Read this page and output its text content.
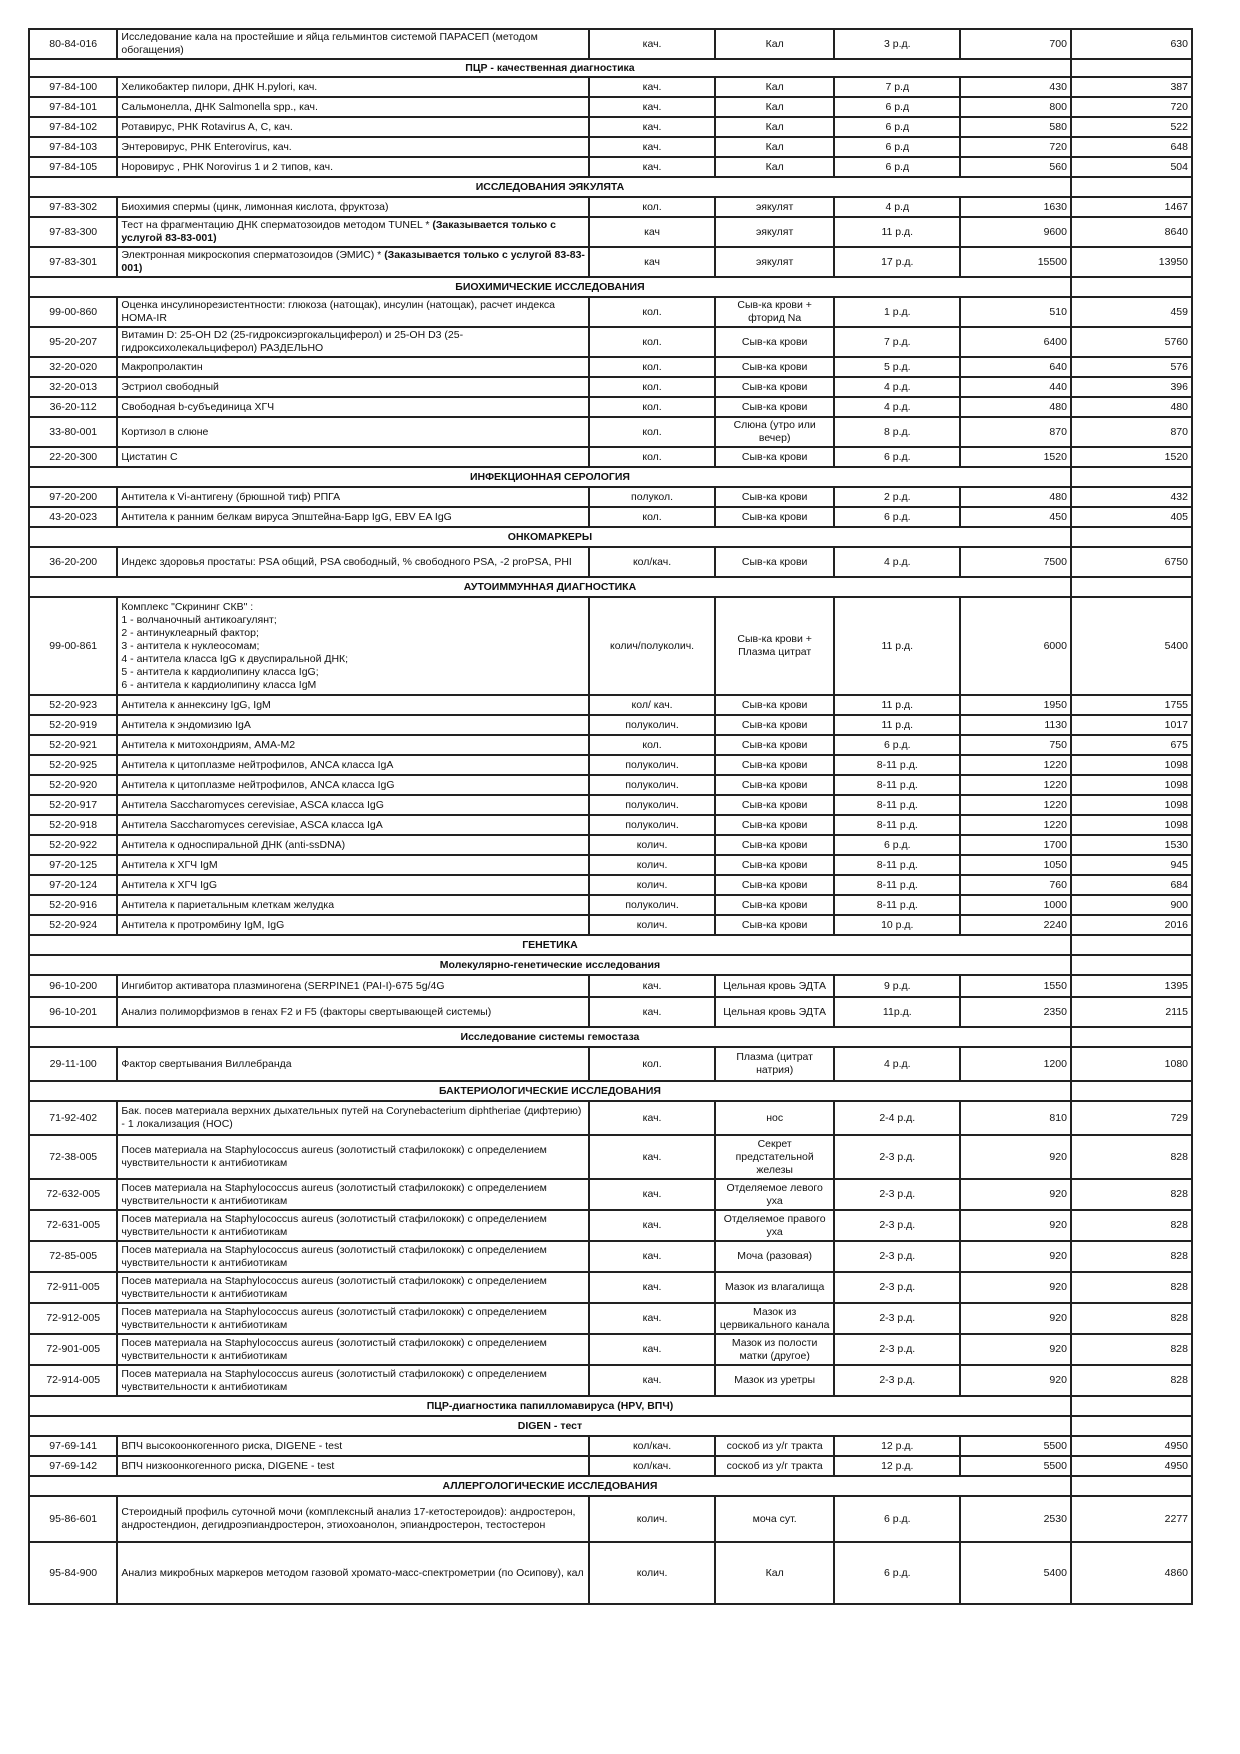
80-84-016	Исследование кала на простейшие и яйца гельминтов системой ПАРАСЕП (методом обогащения)	кач.	Кал	3 р.д.	700	630
ПЦР - качественная диагностика						
97-84-100	Хеликобактер пилори, ДНК H.pylori, кач.	кач.	Кал	7 р.д	430	387
97-84-101	Сальмонелла, ДНК Salmonella spp., кач.	кач.	Кал	6 р.д	800	720
97-84-102	Ротавирус, РНК Rotavirus A, C, кач.	кач.	Кал	6 р.д	580	522
97-84-103	Энтеровирус, РНК Enterovirus, кач.	кач.	Кал	6 р.д	720	648
97-84-105	Норовирус , РНК Norovirus 1 и 2 типов, кач.	кач.	Кал	6 р.д	560	504
ИССЛЕДОВАНИЯ ЭЯКУЛЯТА						
97-83-302	Биохимия спермы (цинк, лимонная кислота, фруктоза)	кол.	эякулят	4 р.д	1630	1467
97-83-300	Тест на фрагментацию ДНК сперматозоидов методом TUNEL * (Заказывается только с услугой 83-83-001)	кач	эякулят	11 р.д.	9600	8640
97-83-301	Электронная микроскопия сперматозоидов (ЭМИС) * (Заказывается только с услугой 83-83-001)	кач	эякулят	17 р.д.	15500	13950
БИОХИМИЧЕСКИЕ ИССЛЕДОВАНИЯ						
99-00-860	Оценка инсулинорезистентности: глюкоза (натощак), инсулин (натощак), расчет индекса HOMA-IR	кол.	Сыв-ка крови + фторид Na	1 р.д.	510	459
95-20-207	Витамин D: 25-OH D2 (25-гидроксиэргокальциферол) и 25-OH D3 (25-гидроксихолекальциферол) РАЗДЕЛЬНО	кол.	Сыв-ка крови	7 р.д.	6400	5760
32-20-020	Макропролактин	кол.	Сыв-ка крови	5 р.д.	640	576
32-20-013	Эстриол свободный	кол.	Сыв-ка крови	4 р.д.	440	396
36-20-112	Свободная b-субъединица ХГЧ	кол.	Сыв-ка крови	4 р.д.	480	480
33-80-001	Кортизол в слюне	кол.	Слюна (утро или вечер)	8 р.д.	870	870
22-20-300	Цистатин С	кол.	Сыв-ка крови	6 р.д.	1520	1520
ИНФЕКЦИОННАЯ СЕРОЛОГИЯ						
97-20-200	Антитела к Vi-антигену (брюшной тиф) РПГА	полукол.	Сыв-ка крови	2 р.д.	480	432
43-20-023	Антитела к ранним белкам вируса Эпштейна-Барр IgG, EBV EA IgG	кол.	Сыв-ка крови	6 р.д.	450	405
ОНКОМАРКЕРЫ						
36-20-200	Индекс здоровья простаты: PSA общий, PSA свободный, % свободного PSA, -2 proPSA, PHI	кол/кач.	Сыв-ка крови	4 р.д.	7500	6750
АУТОИММУННАЯ ДИАГНОСТИКА						
99-00-861	Комплекс "Скрининг СКВ" :
1 - волчаночный антикоагулянт;
2 - антинуклеарный фактор;
3 - антитела к нуклеосомам;
4 - антитела класса IgG к двуспиральной ДНК;
5 - антитела к кардиолипину класса IgG;
6 - антитела к кардиолипину класса IgM	колич/полуколич.	Сыв-ка крови + Плазма цитрат	11 р.д.	6000	5400
52-20-923	Антитела к аннексину IgG, IgM	кол/ кач.	Сыв-ка крови	11 р.д.	1950	1755
52-20-919	Антитела к эндомизию IgA	полуколич.	Сыв-ка крови	11 р.д.	1130	1017
52-20-921	Антитела к митохондриям, AMA-M2	кол.	Сыв-ка крови	6 р.д.	750	675
52-20-925	Антитела к цитоплазме нейтрофилов, ANCA класса IgA	полуколич.	Сыв-ка крови	8-11 р.д.	1220	1098
52-20-920	Антитела к цитоплазме нейтрофилов, ANCA класса IgG	полуколич.	Сыв-ка крови	8-11 р.д.	1220	1098
52-20-917	Антитела Saccharomyces cerevisiae, ASCA класса IgG	полуколич.	Сыв-ка крови	8-11 р.д.	1220	1098
52-20-918	Антитела Saccharomyces cerevisiae, ASCA класса IgA	полуколич.	Сыв-ка крови	8-11 р.д.	1220	1098
52-20-922	Антитела к односпиральной ДНК (anti-ssDNA)	колич.	Сыв-ка крови	6 р.д.	1700	1530
97-20-125	Антитела к ХГЧ IgM	колич.	Сыв-ка крови	8-11 р.д.	1050	945
97-20-124	Антитела к ХГЧ IgG	колич.	Сыв-ка крови	8-11 р.д.	760	684
52-20-916	Антитела к париетальным клеткам желудка	полуколич.	Сыв-ка крови	8-11 р.д.	1000	900
52-20-924	Антитела к протромбину IgM, IgG	колич.	Сыв-ка крови	10 р.д.	2240	2016
ГЕНЕТИКА						
Молекулярно-генетические исследования						
96-10-200	Ингибитор активатора плазминогена (SERPINE1 (PAI-I)-675 5g/4G	кач.	Цельная кровь ЭДТА	9 р.д.	1550	1395
96-10-201	Анализ полиморфизмов в генах F2 и F5 (факторы свертывающей системы)	кач.	Цельная кровь ЭДТА	11р.д.	2350	2115
Исследование системы гемостаза						
29-11-100	Фактор свертывания Виллебранда	кол.	Плазма (цитрат натрия)	4 р.д.	1200	1080
БАКТЕРИОЛОГИЧЕСКИЕ ИССЛЕДОВАНИЯ						
71-92-402	Бак. посев материала верхних дыхательных путей на Corynebacterium diphtheriae (дифтерию) - 1 локализация (НОС)	кач.	нос	2-4 р.д.	810	729
72-38-005	Посев материала на Staphylococcus aureus (золотистый стафилококк) с определением чувствительности к антибиотикам	кач.	Секрет предстательной железы	2-3 р.д.	920	828
72-632-005	Посев материала на Staphylococcus aureus (золотистый стафилококк) с определением чувствительности к антибиотикам	кач.	Отделяемое левого уха	2-3 р.д.	920	828
72-631-005	Посев материала на Staphylococcus aureus (золотистый стафилококк) с определением чувствительности к антибиотикам	кач.	Отделяемое правого уха	2-3 р.д.	920	828
72-85-005	Посев материала на Staphylococcus aureus (золотистый стафилококк) с определением чувствительности к антибиотикам	кач.	Моча (разовая)	2-3 р.д.	920	828
72-911-005	Посев материала на Staphylococcus aureus (золотистый стафилококк) с определением чувствительности к антибиотикам	кач.	Мазок из влагалища	2-3 р.д.	920	828
72-912-005	Посев материала на Staphylococcus aureus (золотистый стафилококк) с определением чувствительности к антибиотикам	кач.	Мазок из цервикального канала	2-3 р.д.	920	828
72-901-005	Посев материала на Staphylococcus aureus (золотистый стафилококк) с определением чувствительности к антибиотикам	кач.	Мазок из полости матки (другое)	2-3 р.д.	920	828
72-914-005	Посев материала на Staphylococcus aureus (золотистый стафилококк) с определением чувствительности к антибиотикам	кач.	Мазок из уретры	2-3 р.д.	920	828
ПЦР-диагностика папилломавируса (HPV, ВПЧ)						
DIGEN - тест						
97-69-141	ВПЧ высокоонкогенного риска, DIGENE - test	кол/кач.	соскоб из у/г тракта	12 р.д.	5500	4950
97-69-142	ВПЧ низкоонкогенного риска, DIGENE - test	кол/кач.	соскоб из у/г тракта	12 р.д.	5500	4950
АЛЛЕРГОЛОГИЧЕСКИЕ ИССЛЕДОВАНИЯ						
95-86-601	Стероидный профиль суточной мочи (комплексный анализ 17-кетостероидов): андростерон, андростендион, дегидроэпиандростерон, этиохоанолон, эпиандростерон, тестостерон	колич.	моча сут.	6 р.д.	2530	2277
95-84-900	Анализ микробных маркеров методом газовой хромато-масс-спектрометрии (по Осипову), кал	колич.	Кал	6 р.д.	5400	4860
